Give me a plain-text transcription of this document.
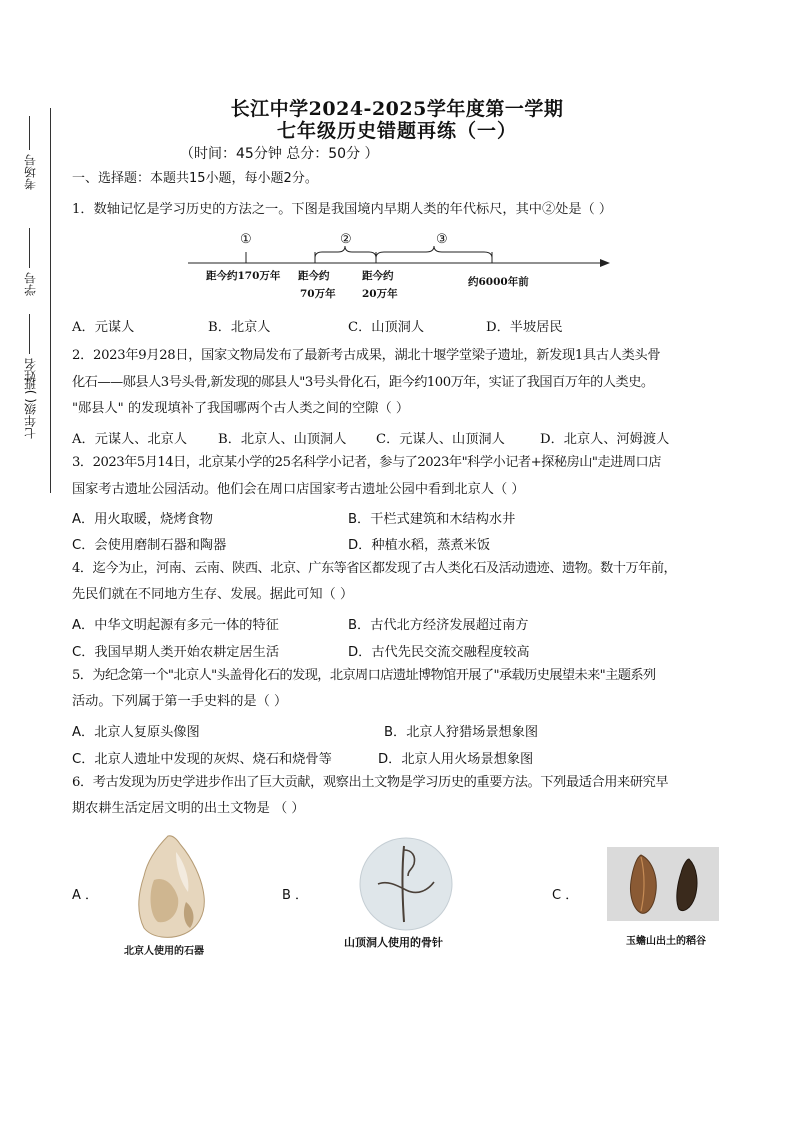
考场号
学号
姓名
七年级( )班
长江中学2024-2025学年度第一学期
七年级历史错题再练（一）
（时间：45分钟 总分：50分 ）
一、选择题：本题共15小题，每小题2分。
1．数轴记忆是学习历史的方法之一。下图是我国境内早期人类的年代标尺，其中②处是（ ）
①	②	③
距今约170万年 距今约
70万年
距今约
20万年
约6000年前
A．元谋人	B．北京人	C．山顶洞人	D．半坡居民
2．2023年9月28日，国家文物局发布了最新考古成果，湖北十堰学堂梁子遗址，新发现1具古人类头骨
化石——郧县人3号头骨,新发现的郧县人"3号头骨化石，距今约100万年，实证了我国百万年的人类史。
"郧县人" 的发现填补了我国哪两个古人类之间的空隙（ ）
A．元谋人、北京人 B．北京人、山顶洞人 C．元谋人、山顶洞人	D．北京人、河姆渡人
3．2023年5月14日，北京某小学的25名科学小记者，参与了2023年"科学小记者+探秘房山"走进周口店
国家考古遗址公园活动。他们会在周口店国家考古遗址公园中看到北京人（ ）
A．用火取暖，烧烤食物	B．干栏式建筑和木结构水井
C．会使用磨制石器和陶器	D．种植水稻，蒸煮米饭
4．迄今为止，河南、云南、陕西、北京、广东等省区都发现了古人类化石及活动遗迹、遗物。数十万年前，
先民们就在不同地方生存、发展。据此可知（ ）
A．中华文明起源有多元一体的特征	B．古代北方经济发展超过南方
C．我国早期人类开始农耕定居生活	D．古代先民交流交融程度较高
5．为纪念第一个"北京人"头盖骨化石的发现，北京周口店遗址博物馆开展了"承载历史展望未来"主题系列
活动。下列属于第一手史料的是（ ）
A．北京人复原头像图	B．北京人狩猎场景想象图
C．北京人遗址中发现的灰烬、烧石和烧骨等	D．北京人用火场景想象图
6．考古发现为历史学进步作出了巨大贡献，观察出土文物是学习历史的重要方法。下列最适合用来研究早
期农耕生活定居文明的出土文物是 （ ）
A ．
北京人使用的石器
B ．
山顶洞人使用的骨针
C ．
玉蟾山出土的稻谷
